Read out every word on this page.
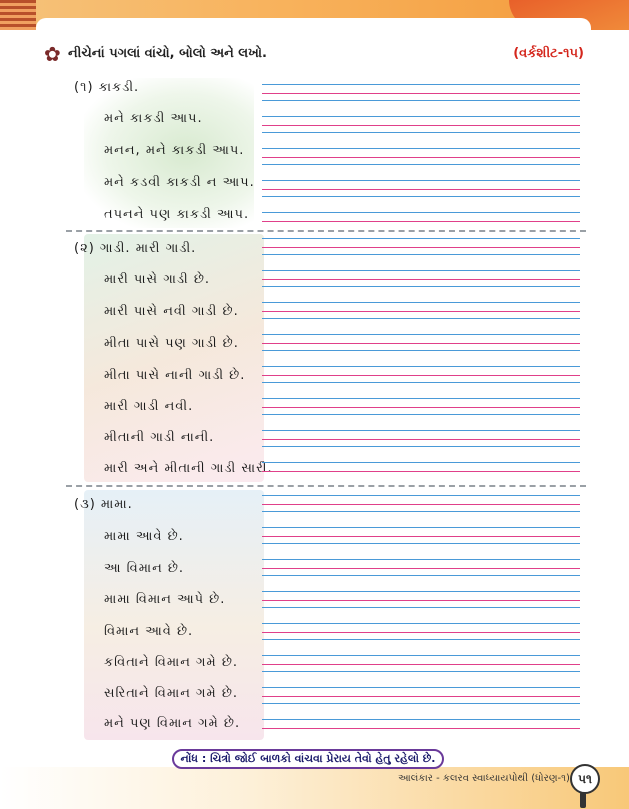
✿ નીચેનાં પગલાં વાંચો, બોલો અને લખો.	(વર્કશીટ-૧૫)
(૧) કાકડી.
મને કાકડી આપ.
મનન, મને કાકડી આપ.
મને કડવી કાકડી ન આપ.
તપનને પણ કાકડી આપ.
(૨) ગાડી. મારી ગાડી.
મારી પાસે ગાડી છે.
મારી પાસે નવી ગાડી છે.
મીતા પાસે પણ ગાડી છે.
મીતા પાસે નાની ગાડી છે.
મારી ગાડી નવી.
મીતાની ગાડી નાની.
મારી અને મીતાની ગાડી સારી.
(૩) મામા.
મામા આવે છે.
આ વિમાન છે.
મામા વિમાન આપે છે.
વિમાન આવે છે.
કવિતાને વિમાન ગમે છે.
સરિતાને વિમાન ગમે છે.
મને પણ વિમાન ગમે છે.
નોંધ : ચિત્રો જોઈ બાળકો વાંચવા પ્રેરાય તેવો હેતુ રહેલો છે.
આલંકાર - કલરવ સ્વાધ્યાયપોથી (ધોરણ-૧) ૫૧
